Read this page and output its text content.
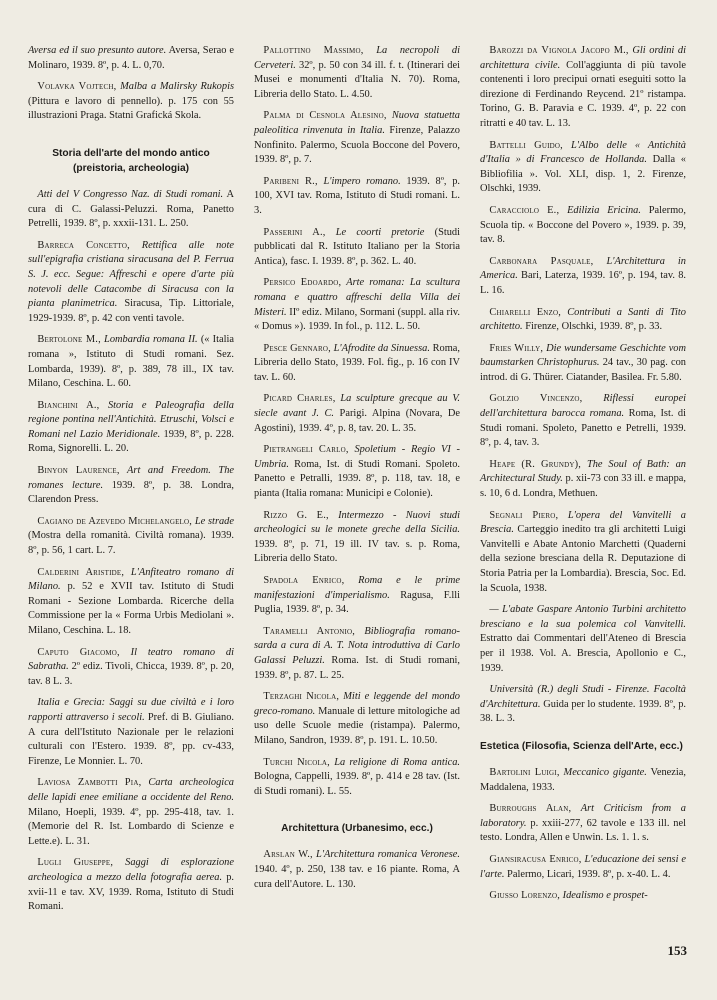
Aversa ed il suo presunto autore. Aversa, Serao e Molinaro, 1939. 8º, p. 4. L. 0,70.

Volavka Vojtech, Malba a Malirsky Rukopis (Pittura e lavoro di pennello). p. 175 con 55 illustrazioni Praga. Statni Grafická Skola.

Storia dell'arte del mondo antico (preistoria, archeologia)

Atti del V Congresso Naz. di Studi romani. A cura di C. Galassi-Peluzzi. Roma, Panetto Petrelli, 1939. 8º, p. xxxii-131. L. 250.

Barreca Concetto, Rettifica alle note sull'epigrafia cristiana siracusana del P. Ferrua S. J. ecc. Segue: Affreschi e opere d'arte più notevoli delle Catacombe di Siracusa con la pianta planimetrica. Siracusa, Tip. Littoriale, 1929-1939. 8º, p. 42 con venti tavole.

Bertolone M., Lombardia romana II. (« Italia romana », Istituto di Studi romani. Sez. Lombarda, 1939). 8º, p. 389, 78 ill., IX tav. Milano, Ceschina. L. 60.

Bianchini A., Storia e Paleografia della regione pontina nell'Antichità. Etruschi, Volsci e Romani nel Lazio Meridionale. 1939, 8º, p. 228. Roma, Signorelli. L. 20.

Binyon Laurence, Art and Freedom. The romanes lecture. 1939. 8º, p. 38. Londra, Clarendon Press.

Cagiano de Azevedo Michelangelo, Le strade (Mostra della romanità. Civiltà romana). 1939. 8º, p. 56, 1 cart. L. 7.

Calderini Aristide, L'Anfiteatro romano di Milano. p. 52 e XVII tav. Istituto di Studi Romani - Sezione Lombarda. Ricerche della Commissione per la « Forma Urbis Mediolani ». Milano, Ceschina. L. 18.

Caputo Giacomo, Il teatro romano di Sabratha. 2º ediz. Tivoli, Chicca, 1939. 8º, p. 20, tav. 8 L. 3.

Italia e Grecia: Saggi su due civiltà e i loro rapporti attraverso i secoli. Pref. di B. Giuliano. A cura dell'Istituto Nazionale per le relazioni culturali con l'Estero. 1939. 8º, pp. cv-433, Firenze, Le Monnier. L. 70.

Laviosa Zambotti Pia, Carta archeologica delle lapidi enee emiliane a occidente del Reno. Milano, Hoepli, 1939. 4º, pp. 295-418, tav. 1. (Memorie del R. Ist. Lombardo di Scienze e Lette.e). L. 31.

Lugli Giuseppe, Saggi di esplorazione archeologica a mezzo della fotografia aerea. p. xvii-11 e tav. XV, 1939. Roma, Istituto di Studi Romani.

Pallottino Massimo, La necropoli di Cerveteri. 32º, p. 50 con 34 ill. f. t. (Itinerari dei Musei e monumenti d'Italia N. 70). Roma, Libreria dello Stato. L. 4.50.

Palma di Cesnola Alesino, Nuova statuetta paleolitica rinvenuta in Italia. Firenze, Palazzo Nonfinito. Palermo, Scuola Boccone del Povero, 1939. 8º, p. 7.

Paribeni R., L'impero romano. 1939. 8º, p. 100, XVI tav. Roma, Istituto di Studi romani. L. 3.

Passerini A., Le coorti pretorie (Studi pubblicati dal R. Istituto Italiano per la Storia Antica), fasc. I. 1939. 8º, p. 362. L. 40.

Persico Edoardo, Arte romana: La scultura romana e quattro affreschi della Villa dei Misteri. IIº ediz. Milano, Sormani (suppl. alla riv. « Domus »). 1939. In fol., p. 112. L. 50.

Pesce Gennaro, L'Afrodite da Sinuessa. Roma, Libreria dello Stato, 1939. Fol. fig., p. 16 con IV tav. L. 60.

Picard Charles, La sculpture grecque au V. siecle avant J. C. Parigi. Alpina (Novara, De Agostini), 1939. 4º, p. 8, tav. 20. L. 35.

Pietrangeli Carlo, Spoletium - Regio VI - Umbria. Roma, Ist. di Studi Romani. Spoleto. Panetto e Petralli, 1939. 8º, p. 118, tav. 18, e pianta (Italia romana: Municipi e Colonie).

Rizzo G. E., Intermezzo - Nuovi studi archeologici su le monete greche della Sicilia. 1939. 8º, p. 71, 19 ill. IV tav. s. p. Roma, Libreria dello Stato.

Spadola Enrico, Roma e le prime manifestazioni d'imperialismo. Ragusa, F.lli Puglia, 1939. 8º, p. 34.

Taramelli Antonio, Bibliografia romano-sarda a cura di A. T. Nota introduttiva di Carlo Galassi Peluzzi. Roma. Ist. di Studi romani, 1939. 8º, p. 87. L. 25.

Terzaghi Nicola, Miti e leggende del mondo greco-romano. Manuale di letture mitologiche ad uso delle Scuole medie (ristampa). Palermo, Milano, Sandron, 1939. 8º, p. 191. L. 10.50.

Turchi Nicola, La religione di Roma antica. Bologna, Cappelli, 1939. 8º, p. 414 e 28 tav. (Ist. di Studi romani). L. 55.

Architettura (Urbanesimo, ecc.)

Arslan W., L'Architettura romanica Veronese. 1940. 4º, p. 250, 138 tav. e 16 piante. Roma, A cura dell'Autore. L. 130.

Barozzi da Vignola Jacopo M., Gli ordini di architettura civile. Coll'aggiunta di più tavole contenenti i loro precipui ornati eseguiti sotto la direzione di Ferdinando Reycend. 21º ristampa. Torino, G. B. Paravia e C. 1939. 4º, p. 22 con ritratti e 40 tav. L. 13.

Battelli Guido, L'Albo delle « Antichità d'Italia » di Francesco de Hollanda. Dalla « Bibliofilia ». Vol. XLI, disp. 1, 2. Firenze, Olschki, 1939.

Caracciolo E., Edilizia Ericina. Palermo, Scuola tip. « Boccone del Povero », 1939. p. 39, tav. 8.

Carbonara Pasquale, L'Architettura in America. Bari, Laterza, 1939. 16º, p. 194, tav. 8. L. 16.

Chiarelli Enzo, Contributi a Santi di Tito architetto. Firenze, Olschki, 1939. 8º, p. 33.

Fries Willy, Die wundersame Geschichte vom baumstarken Christophurus. 24 tav., 30 pag. con introd. di G. Thürer. Ciatander, Basilea. Fr. 5.80.

Golzio Vincenzo, Riflessi europei dell'architettura barocca romana. Roma, Ist. di Studi romani. Spoleto, Panetto e Petrelli, 1939. 8º, p. 4, tav. 3.

Heape (R. Grundy), The Soul of Bath: an Architectural Study. p. xii-73 con 33 ill. e mappa, s. 10, 6 d. Londra, Methuen.

Segnali Piero, L'opera del Vanvitelli a Brescia. Carteggio inedito tra gli architetti Luigi Vanvitelli e Abate Antonio Marchetti (Quaderni della sezione bresciana della R. Deputazione di Storia Patria per la Lombardia). Brescia, Soc. Ed. la Scuola, 1938.

— L'abate Gaspare Antonio Turbini architetto bresciano e la sua polemica col Vanvitelli. Estratto dai Commentari dell'Ateneo di Brescia per il 1938. Vol. A. Brescia, Apollonio e C., 1939.

Università (R.) degli Studi - Firenze. Facoltà d'Architettura. Guida per lo studente. 1939. 8º, p. 38. L. 3.

Estetica (Filosofia, Scienza dell'Arte, ecc.)

Bartolini Luigi, Meccanico gigante. Venezia, Maddalena, 1933.

Burroughs Alan, Art Criticism from a laboratory. p. xxiii-277, 62 tavole e 133 ill. nel testo. Londra, Allen e Unwin. Ls. 1. 1. s.

Giansiracusa Enrico, L'educazione dei sensi e l'arte. Palermo, Licari, 1939. 8º, p. x-40. L. 4.

Giusso Lorenzo, Idealismo e prospet-

153
